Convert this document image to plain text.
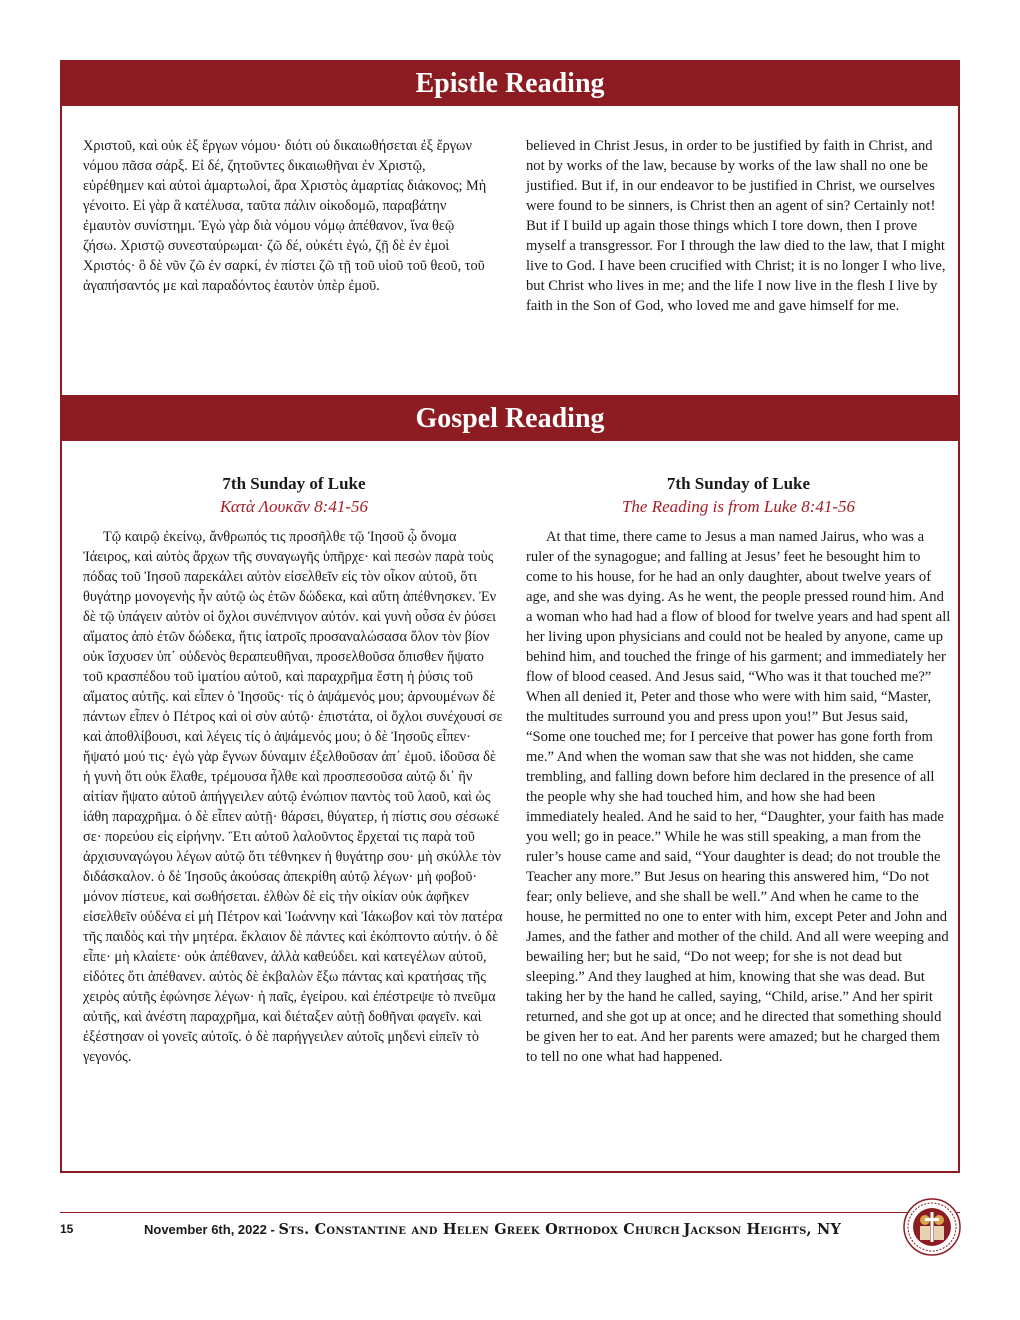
Epistle Reading

Χριστοῦ, καὶ οὐκ ἐξ ἔργων νόμου· διότι οὐ δικαιωθήσεται ἐξ ἔργων νόμου πᾶσα σάρξ. Εἰ δέ, ζητοῦντες δικαιωθῆναι ἐν Χριστῷ, εὑρέθημεν καὶ αὐτοὶ ἁμαρτωλοί, ἄρα Χριστὸς ἁμαρτίας διάκονος; Μὴ γένοιτο. Εἰ γὰρ ἃ κατέλυσα, ταῦτα πάλιν οἰκοδομῶ, παραβάτην ἐμαυτὸν συνίστημι. Ἐγὼ γὰρ διὰ νόμου νόμῳ ἀπέθανον, ἵνα θεῷ ζήσω. Χριστῷ συνεσταύρωμαι· ζῶ δέ, οὐκέτι ἐγώ, ζῇ δὲ ἐν ἐμοὶ Χριστός· ὃ δὲ νῦν ζῶ ἐν σαρκί, ἐν πίστει ζῶ τῇ τοῦ υἱοῦ τοῦ θεοῦ, τοῦ ἀγαπήσαντός με καὶ παραδόντος ἑαυτὸν ὑπὲρ ἐμοῦ.

believed in Christ Jesus, in order to be justified by faith in Christ, and not by works of the law, because by works of the law shall no one be justified. But if, in our endeavor to be justified in Christ, we ourselves were found to be sinners, is Christ then an agent of sin? Certainly not! But if I build up again those things which I tore down, then I prove myself a transgressor. For I through the law died to the law, that I might live to God. I have been crucified with Christ; it is no longer I who live, but Christ who lives in me; and the life I now live in the flesh I live by faith in the Son of God, who loved me and gave himself for me.

Gospel Reading
7th Sunday of Luke
Κατὰ Λουκᾶν 8:41-56

Τῷ καιρῷ ἐκείνῳ, ἄνθρωπός τις προσῆλθε τῷ Ἰησοῦ ᾧ ὄνομα Ἰάειρος, καὶ αὐτὸς ἄρχων τῆς συναγωγῆς ὑπῆρχε· καὶ πεσὼν παρὰ τοὺς πόδας τοῦ Ἰησοῦ παρεκάλει αὐτὸν εἰσελθεῖν εἰς τὸν οἶκον αὐτοῦ, ὅτι θυγάτηρ μονογενὴς ἦν αὐτῷ ὡς ἐτῶν δώδεκα, καὶ αὕτη ἀπέθνησκεν. Ἐν δὲ τῷ ὑπάγειν αὐτὸν οἱ ὄχλοι συνέπνιγον αὐτόν. καὶ γυνὴ οὖσα ἐν ῥύσει αἵματος ἀπὸ ἐτῶν δώδεκα, ἥτις ἰατροῖς προσαναλώσασα ὅλον τὸν βίον οὐκ ἴσχυσεν ὑπ᾿ οὐδενὸς θεραπευθῆναι, προσελθοῦσα ὄπισθεν ἥψατο τοῦ κρασπέδου τοῦ ἱματίου αὐτοῦ, καὶ παραχρῆμα ἔστη ἡ ῥύσις τοῦ αἵματος αὐτῆς. καὶ εἶπεν ὁ Ἰησοῦς· τίς ὁ ἁψάμενός μου; ἀρνουμένων δὲ πάντων εἶπεν ὁ Πέτρος καὶ οἱ σὺν αὐτῷ· ἐπιστάτα, οἱ ὄχλοι συνέχουσί σε καὶ ἀποθλίβουσι, καὶ λέγεις τίς ὁ ἁψάμενός μου; ὁ δὲ Ἰησοῦς εἶπεν· ἥψατό μού τις· ἐγὼ γὰρ ἔγνων δύναμιν ἐξελθοῦσαν ἀπ᾿ ἐμοῦ. ἰδοῦσα δὲ ἡ γυνὴ ὅτι οὐκ ἔλαθε, τρέμουσα ἦλθε καὶ προσπεσοῦσα αὐτῷ δι᾿ ἣν αἰτίαν ἥψατο αὐτοῦ ἀπήγγειλεν αὐτῷ ἐνώπιον παντὸς τοῦ λαοῦ, καὶ ὡς ἰάθη παραχρῆμα. ὁ δὲ εἶπεν αὐτῇ· θάρσει, θύγατερ, ἡ πίστις σου σέσωκέ σε· πορεύου εἰς εἰρήνην. Ἔτι αὐτοῦ λαλοῦντος ἔρχεταί τις παρὰ τοῦ ἀρχισυναγώγου λέγων αὐτῷ ὅτι τέθνηκεν ἡ θυγάτηρ σου· μὴ σκύλλε τὸν διδάσκαλον. ὁ δὲ Ἰησοῦς ἀκούσας ἀπεκρίθη αὐτῷ λέγων· μὴ φοβοῦ· μόνον πίστευε, καὶ σωθήσεται. ἐλθὼν δὲ εἰς τὴν οἰκίαν οὐκ ἀφῆκεν εἰσελθεῖν οὐδένα εἰ μὴ Πέτρον καὶ Ἰωάννην καὶ Ἰάκωβον καὶ τὸν πατέρα τῆς παιδὸς καὶ τὴν μητέρα. ἔκλαιον δὲ πάντες καὶ ἐκόπτοντο αὐτήν. ὁ δὲ εἶπε· μὴ κλαίετε· οὐκ ἀπέθανεν, ἀλλὰ καθεύδει. καὶ κατεγέλων αὐτοῦ, εἰδότες ὅτι ἀπέθανεν. αὐτὸς δὲ ἐκβαλὼν ἔξω πάντας καὶ κρατήσας τῆς χειρὸς αὐτῆς ἐφώνησε λέγων· ἡ παῖς, ἐγείρου. καὶ ἐπέστρεψε τὸ πνεῦμα αὐτῆς, καὶ ἀνέστη παραχρῆμα, καὶ διέταξεν αὐτῇ δοθῆναι φαγεῖν. καὶ ἐξέστησαν οἱ γονεῖς αὐτοῖς. ὁ δὲ παρήγγειλεν αὐτοῖς μηδενὶ εἰπεῖν τὸ γεγονός.

7th Sunday of Luke
The Reading is from Luke 8:41-56

At that time, there came to Jesus a man named Jairus, who was a ruler of the synagogue; and falling at Jesus’ feet he besought him to come to his house, for he had an only daughter, about twelve years of age, and she was dying. As he went, the people pressed round him. And a woman who had had a flow of blood for twelve years and had spent all her living upon physicians and could not be healed by anyone, came up behind him, and touched the fringe of his garment; and immediately her flow of blood ceased. And Jesus said, “Who was it that touched me?” When all denied it, Peter and those who were with him said, “Master, the multitudes surround you and press upon you!” But Jesus said, “Some one touched me; for I perceive that power has gone forth from me.” And when the woman saw that she was not hidden, she came trembling, and falling down before him declared in the presence of all the people why she had touched him, and how she had been immediately healed. And he said to her, “Daughter, your faith has made you well; go in peace.” While he was still speaking, a man from the ruler’s house came and said, “Your daughter is dead; do not trouble the Teacher any more.” But Jesus on hearing this answered him, “Do not fear; only believe, and she shall be well.” And when he came to the house, he permitted no one to enter with him, except Peter and John and James, and the father and mother of the child. And all were weeping and bewailing her; but he said, “Do not weep; for she is not dead but sleeping.” And they laughed at him, knowing that she was dead. But taking her by the hand he called, saying, “Child, arise.” And her spirit returned, and she got up at once; and he directed that something should be given her to eat. And her parents were amazed; but he charged them to tell no one what had happened.

15	November 6th, 2022 - Sts. Constantine and Helen Greek Orthodox Church Jackson Heights, NY
